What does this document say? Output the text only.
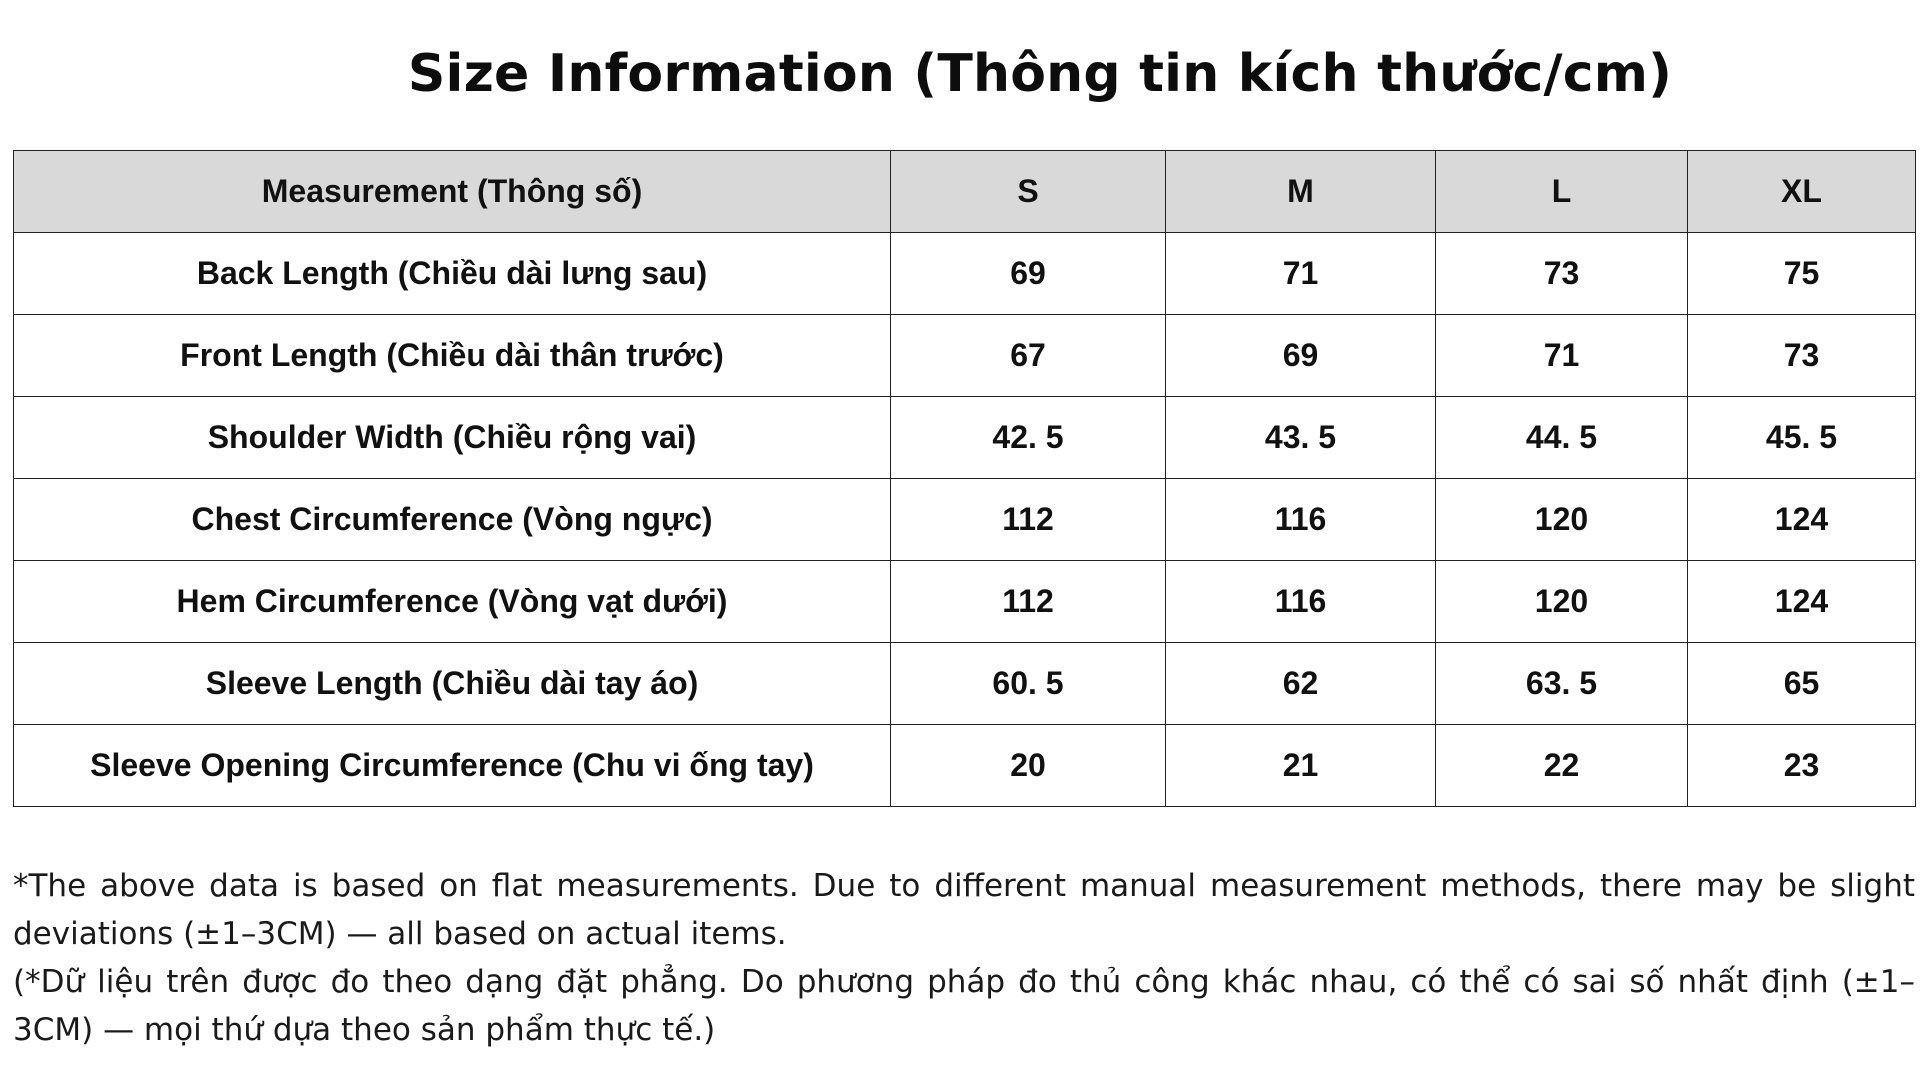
Size Information (Thông tin kích thước/cm)
Measurement (Thông số)	S	M	L	XL
Back Length (Chiều dài lưng sau)	69	71	73	75
Front Length (Chiều dài thân trước)	67	69	71	73
Shoulder Width (Chiều rộng vai)	42. 5	43. 5	44. 5	45. 5
Chest Circumference (Vòng ngực)	112	116	120	124
Hem Circumference (Vòng vạt dưới)	112	116	120	124
Sleeve Length (Chiều dài tay áo)	60. 5	62	63. 5	65
Sleeve Opening Circumference (Chu vi ống tay)	20	21	22	23

*The above data is based on flat measurements. Due to different manual measurement methods, there may be slight deviations (±1–3CM) — all based on actual items.

(*Dữ liệu trên được đo theo dạng đặt phẳng. Do phương pháp đo thủ công khác nhau, có thể có sai số nhất định (±1–3CM) — mọi thứ dựa theo sản phẩm thực tế.)
